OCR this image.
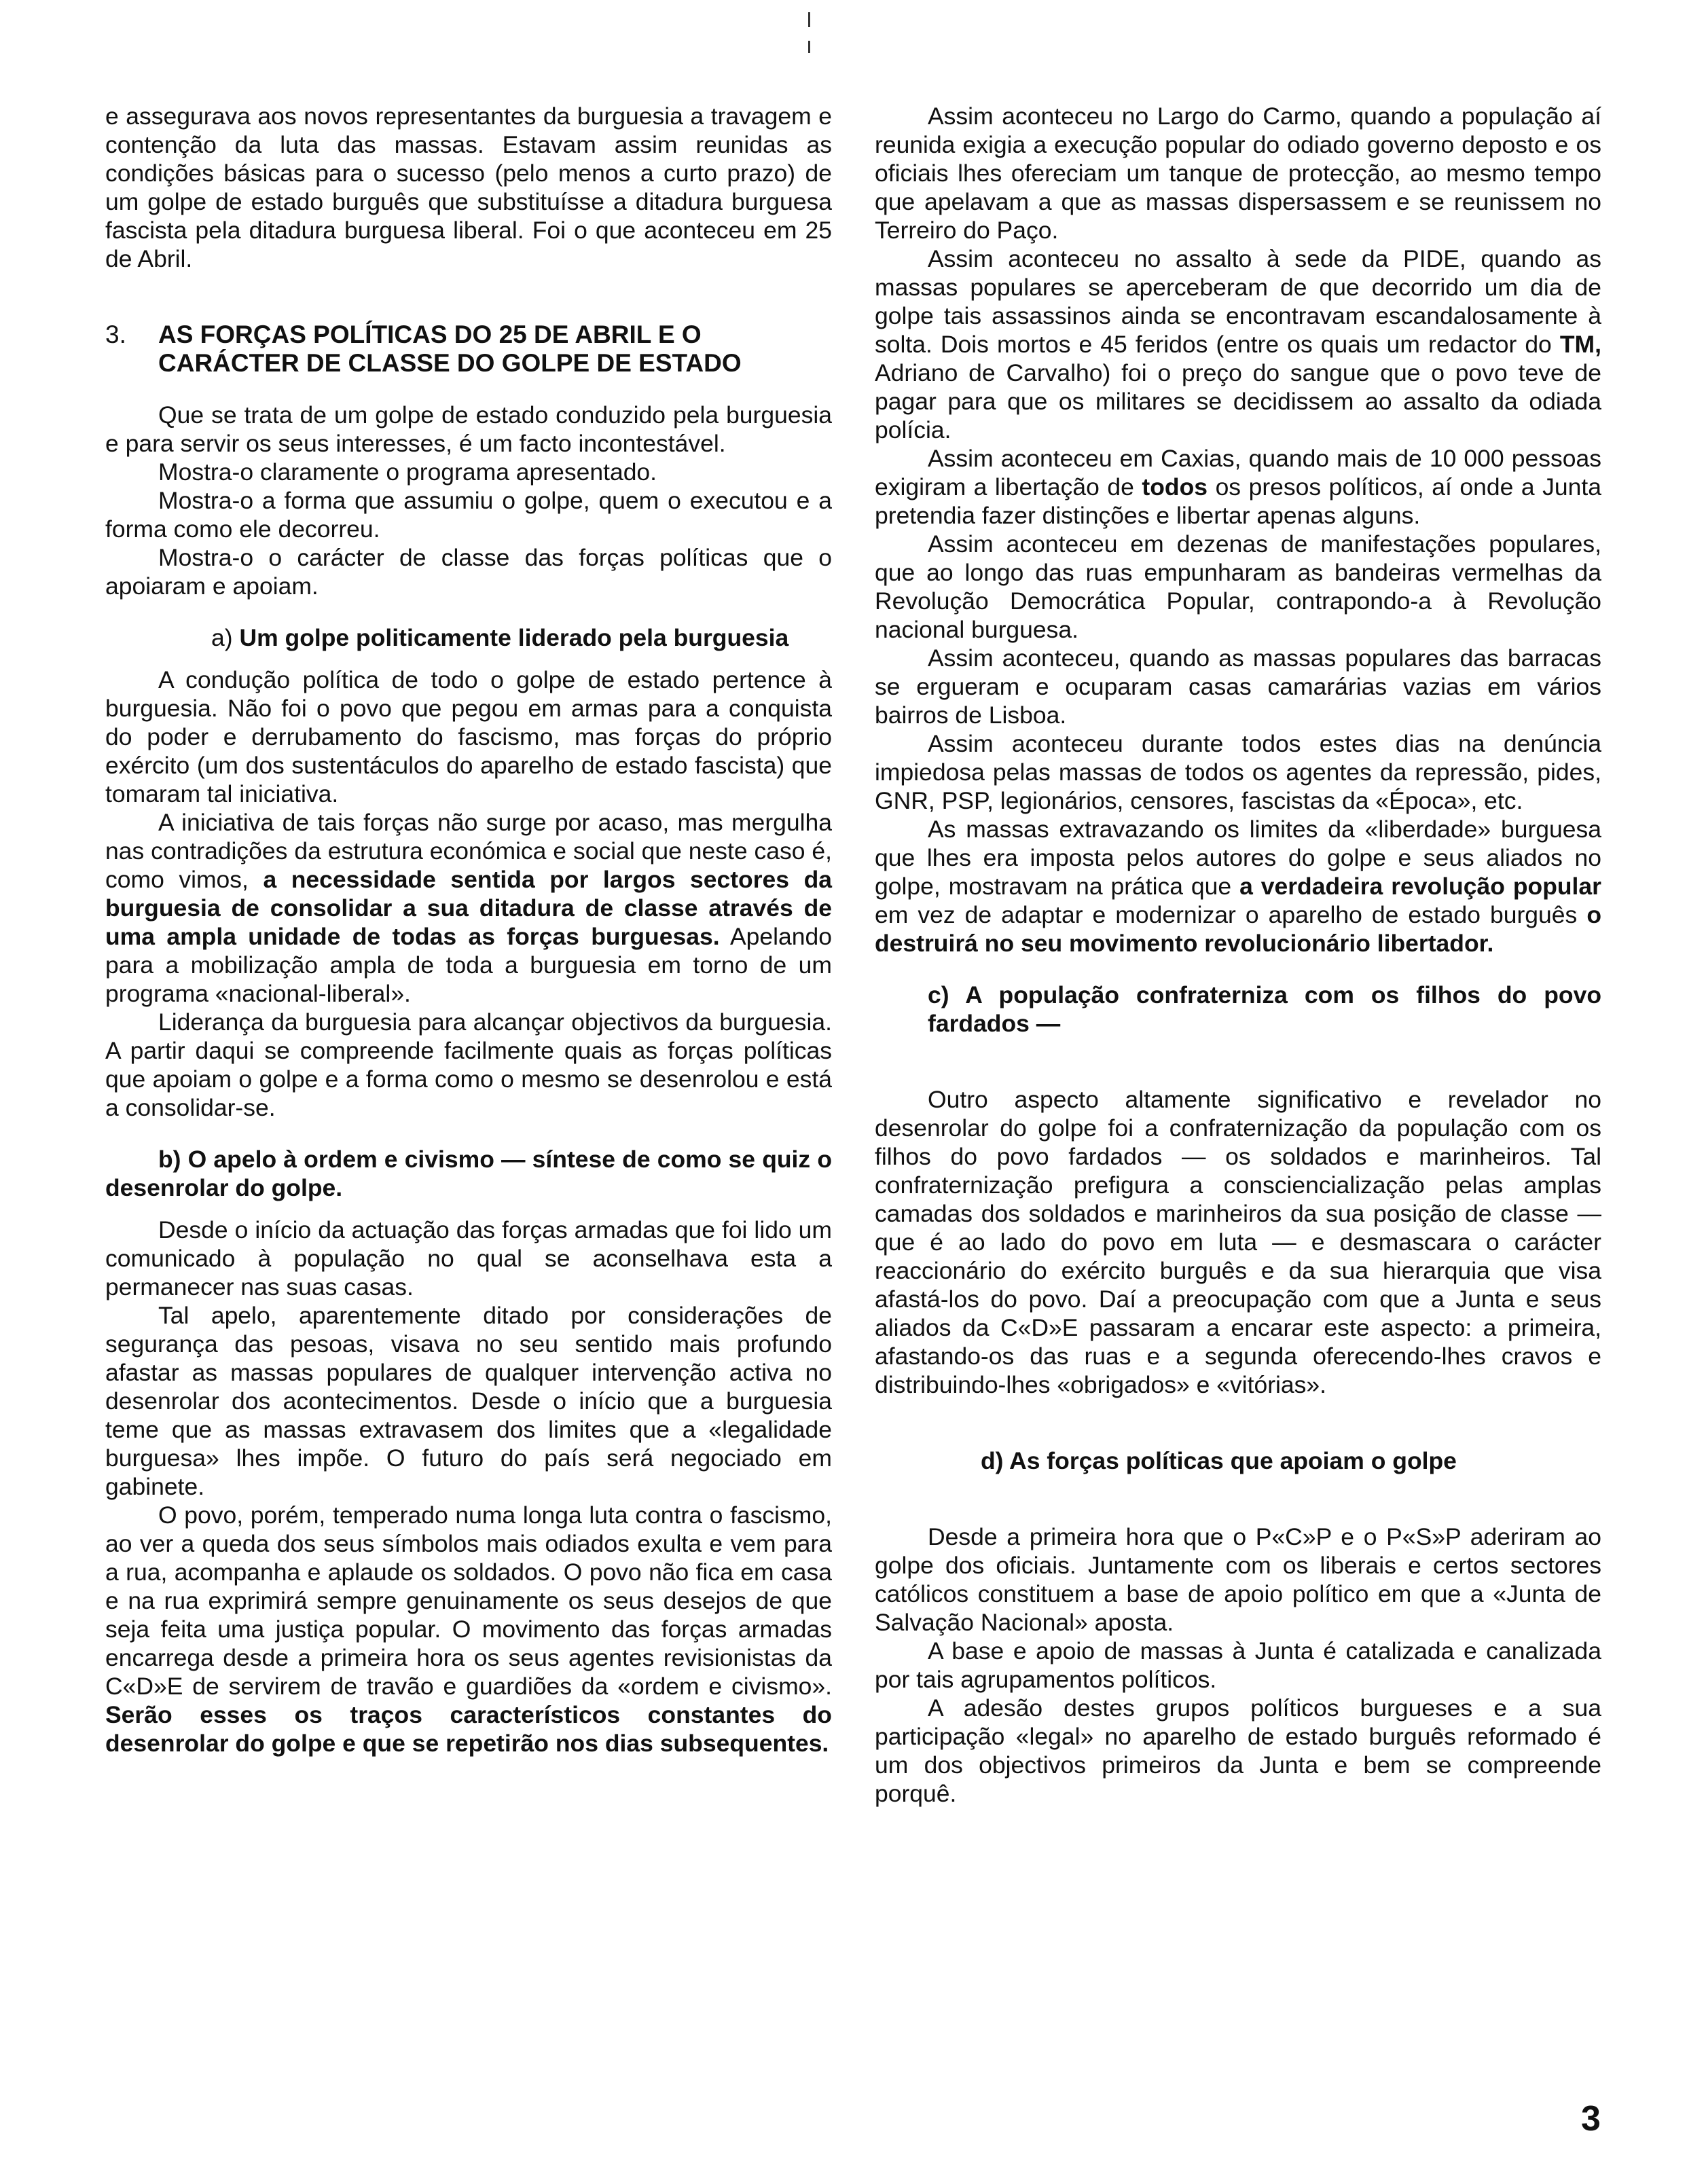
e assegurava aos novos representantes da burguesia a travagem e contenção da luta das massas. Estavam assim reunidas as condições básicas para o sucesso (pelo menos a curto prazo) de um golpe de estado burguês que substituísse a ditadura burguesa fascista pela ditadura burguesa liberal. Foi o que aconteceu em 25 de Abril.

3.	AS FORÇAS POLÍTICAS DO 25 DE ABRIL E O CARÁCTER DE CLASSE DO GOLPE DE ESTADO

Que se trata de um golpe de estado conduzido pela burguesia e para servir os seus interesses, é um facto incontestável.

Mostra-o claramente o programa apresentado.

Mostra-o a forma que assumiu o golpe, quem o executou e a forma como ele decorreu.

Mostra-o o carácter de classe das forças políticas que o apoiaram e apoiam.

a) Um golpe politicamente liderado pela burguesia

A condução política de todo o golpe de estado pertence à burguesia. Não foi o povo que pegou em armas para a conquista do poder e derrubamento do fascismo, mas forças do próprio exército (um dos sustentáculos do aparelho de estado fascista) que tomaram tal iniciativa.

A iniciativa de tais forças não surge por acaso, mas mergulha nas contradições da estrutura económica e social que neste caso é, como vimos, a necessidade sentida por largos sectores da burguesia de consolidar a sua ditadura de classe através de uma ampla unidade de todas as forças burguesas. Apelando para a mobilização ampla de toda a burguesia em torno de um programa «nacional-liberal».

Liderança da burguesia para alcançar objectivos da burguesia. A partir daqui se compreende facilmente quais as forças políticas que apoiam o golpe e a forma como o mesmo se desenrolou e está a consolidar-se.

b) O apelo à ordem e civismo — síntese de como se quiz o desenrolar do golpe.

Desde o início da actuação das forças armadas que foi lido um comunicado à população no qual se aconselhava esta a permanecer nas suas casas.

Tal apelo, aparentemente ditado por considerações de segurança das pesoas, visava no seu sentido mais profundo afastar as massas populares de qualquer intervenção activa no desenrolar dos acontecimentos. Desde o início que a burguesia teme que as massas extravasem dos limites que a «legalidade burguesa» lhes impõe. O futuro do país será negociado em gabinete.

O povo, porém, temperado numa longa luta contra o fascismo, ao ver a queda dos seus símbolos mais odiados exulta e vem para a rua, acompanha e aplaude os soldados. O povo não fica em casa e na rua exprimirá sempre genuinamente os seus desejos de que seja feita uma justiça popular. O movimento das forças armadas encarrega desde a primeira hora os seus agentes revisionistas da C«D»E de servirem de travão e guardiões da «ordem e civismo». Serão esses os traços característicos constantes do desenrolar do golpe e que se repetirão nos dias subsequentes.

Assim aconteceu no Largo do Carmo, quando a população aí reunida exigia a execução popular do odiado governo deposto e os oficiais lhes ofereciam um tanque de protecção, ao mesmo tempo que apelavam a que as massas dispersassem e se reunissem no Terreiro do Paço.

Assim aconteceu no assalto à sede da PIDE, quando as massas populares se aperceberam de que decorrido um dia de golpe tais assassinos ainda se encontravam escandalosamente à solta. Dois mortos e 45 feridos (entre os quais um redactor do TM, Adriano de Carvalho) foi o preço do sangue que o povo teve de pagar para que os militares se decidissem ao assalto da odiada polícia.

Assim aconteceu em Caxias, quando mais de 10 000 pessoas exigiram a libertação de todos os presos políticos, aí onde a Junta pretendia fazer distinções e libertar apenas alguns.

Assim aconteceu em dezenas de manifestações populares, que ao longo das ruas empunharam as bandeiras vermelhas da Revolução Democrática Popular, contrapondo-a à Revolução nacional burguesa.

Assim aconteceu, quando as massas populares das barracas se ergueram e ocuparam casas camarárias vazias em vários bairros de Lisboa.

Assim aconteceu durante todos estes dias na denúncia impiedosa pelas massas de todos os agentes da repressão, pides, GNR, PSP, legionários, censores, fascistas da «Época», etc.

As massas extravazando os limites da «liberdade» burguesa que lhes era imposta pelos autores do golpe e seus aliados no golpe, mostravam na prática que a verdadeira revolução popular em vez de adaptar e modernizar o aparelho de estado burguês o destruirá no seu movimento revolucionário libertador.

c) A população confraterniza com os filhos do povo fardados —

Outro aspecto altamente significativo e revelador no desenrolar do golpe foi a confraternização da população com os filhos do povo fardados — os soldados e marinheiros. Tal confraternização prefigura a consciencialização pelas amplas camadas dos soldados e marinheiros da sua posição de classe — que é ao lado do povo em luta — e desmascara o carácter reaccionário do exército burguês e da sua hierarquia que visa afastá-los do povo. Daí a preocupação com que a Junta e seus aliados da C«D»E passaram a encarar este aspecto: a primeira, afastando-os das ruas e a segunda oferecendo-lhes cravos e distribuindo-lhes «obrigados» e «vitórias».

d) As forças políticas que apoiam o golpe

Desde a primeira hora que o P«C»P e o P«S»P aderiram ao golpe dos oficiais. Juntamente com os liberais e certos sectores católicos constituem a base de apoio político em que a «Junta de Salvação Nacional» aposta.

A base e apoio de massas à Junta é catalizada e canalizada por tais agrupamentos políticos.

A adesão destes grupos políticos burgueses e a sua participação «legal» no aparelho de estado burguês reformado é um dos objectivos primeiros da Junta e bem se compreende porquê.

3
